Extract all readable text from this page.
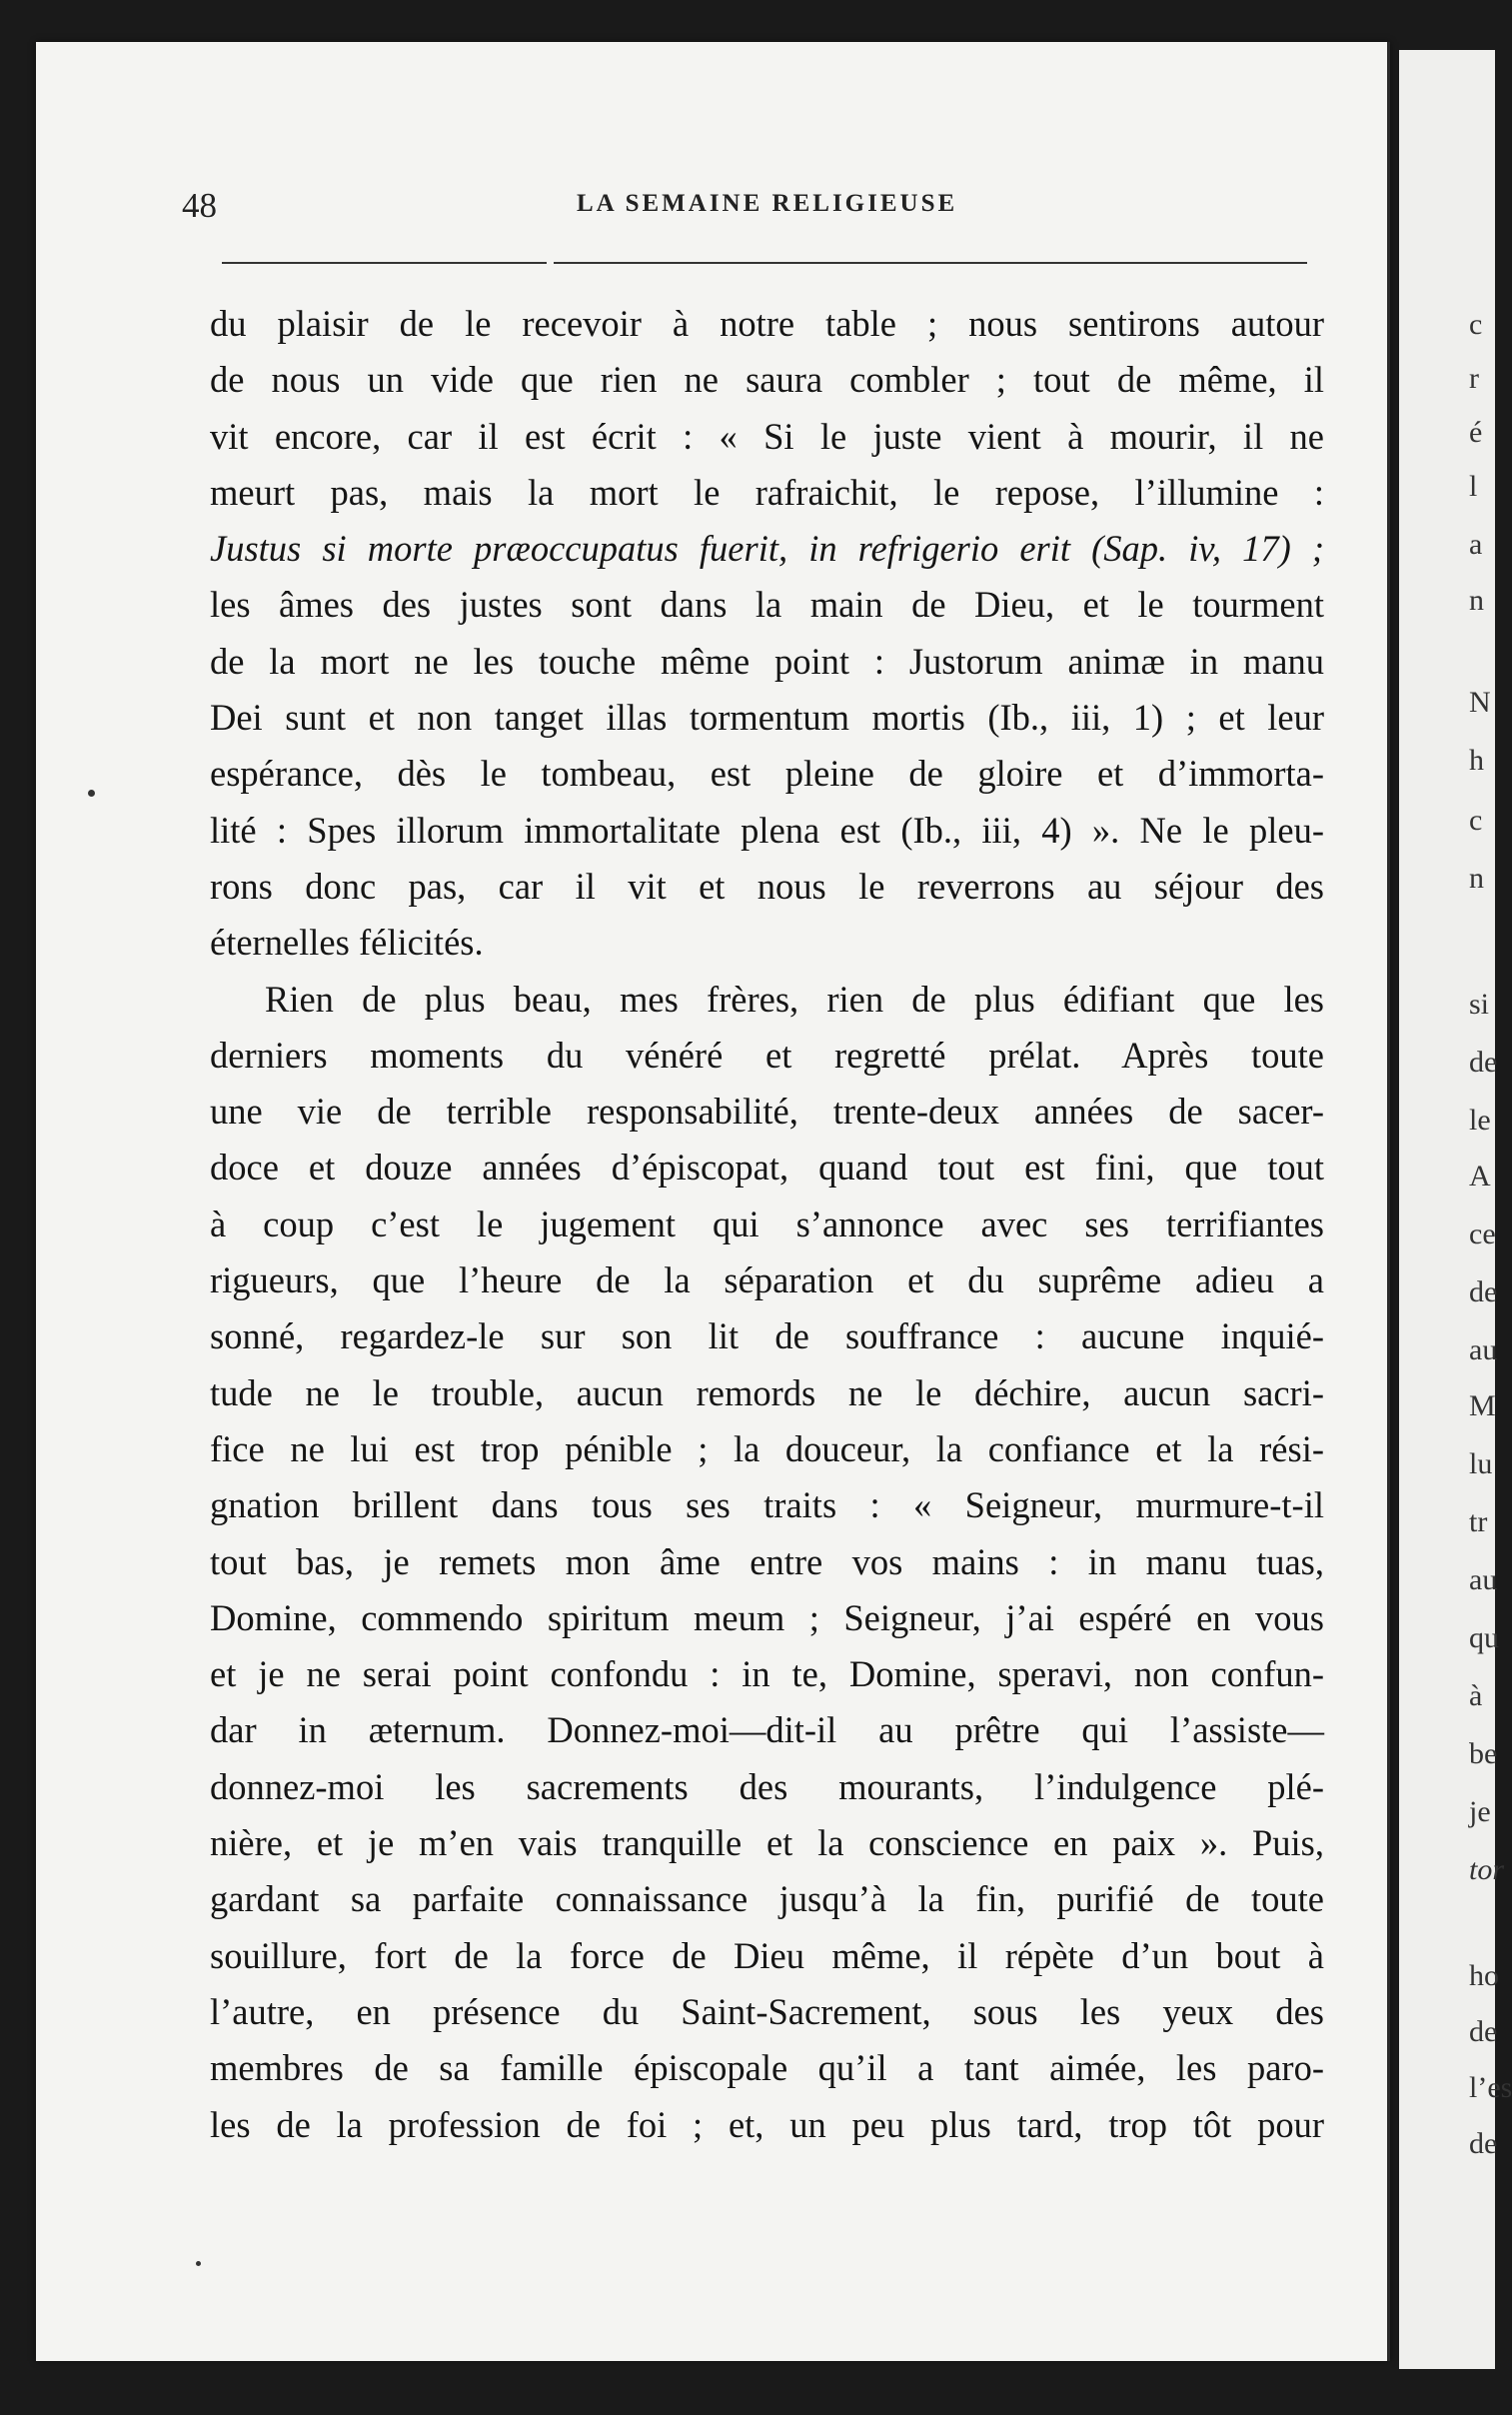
48	LA SEMAINE RELIGIEUSE
du plaisir de le recevoir à notre table ; nous sentirons autour
de nous un vide que rien ne saura combler ; tout de même, il
vit encore, car il est écrit : « Si le juste vient à mourir, il ne
meurt pas, mais la mort le rafraichit, le repose, l’illumine :
Justus si morte præoccupatus fuerit, in refrigerio erit (Sap. iv, 17) ;
les âmes des justes sont dans la main de Dieu, et le tourment
de la mort ne les touche même point : Justorum animæ in manu
Dei sunt et non tanget illas tormentum mortis (Ib., iii, 1) ; et leur
espérance, dès le tombeau, est pleine de gloire et d’immorta-
lité : Spes illorum immortalitate plena est (Ib., iii, 4) ». Ne le pleu-
rons donc pas, car il vit et nous le reverrons au séjour des
éternelles félicités.
Rien de plus beau, mes frères, rien de plus édifiant que les
derniers moments du vénéré et regretté prélat. Après toute
une vie de terrible responsabilité, trente-deux années de sacer-
doce et douze années d’épiscopat, quand tout est fini, que tout
à coup c’est le jugement qui s’annonce avec ses terrifiantes
rigueurs, que l’heure de la séparation et du suprême adieu a
sonné, regardez-le sur son lit de souffrance : aucune inquié-
tude ne le trouble, aucun remords ne le déchire, aucun sacri-
fice ne lui est trop pénible ; la douceur, la confiance et la rési-
gnation brillent dans tous ses traits : « Seigneur, murmure-t-il
tout bas, je remets mon âme entre vos mains : in manu tuas,
Domine, commendo spiritum meum ; Seigneur, j’ai espéré en vous
et je ne serai point confondu : in te, Domine, speravi, non confun-
dar in æternum. Donnez-moi—dit-il au prêtre qui l’assiste—
donnez-moi les sacrements des mourants, l’indulgence plé-
nière, et je m’en vais tranquille et la conscience en paix ». Puis,
gardant sa parfaite connaissance jusqu’à la fin, purifié de toute
souillure, fort de la force de Dieu même, il répète d’un bout à
l’autre, en présence du Saint-Sacrement, sous les yeux des
membres de sa famille épiscopale qu’il a tant aimée, les paro-
les de la profession de foi ; et, un peu plus tard, trop tôt pour
c
r
é
l
a
n
N
h
c
n
si
de
le
A
ce
de
au
M
lu
tr
au
qu
à
be
je
tor
ho
de
l’es
de
